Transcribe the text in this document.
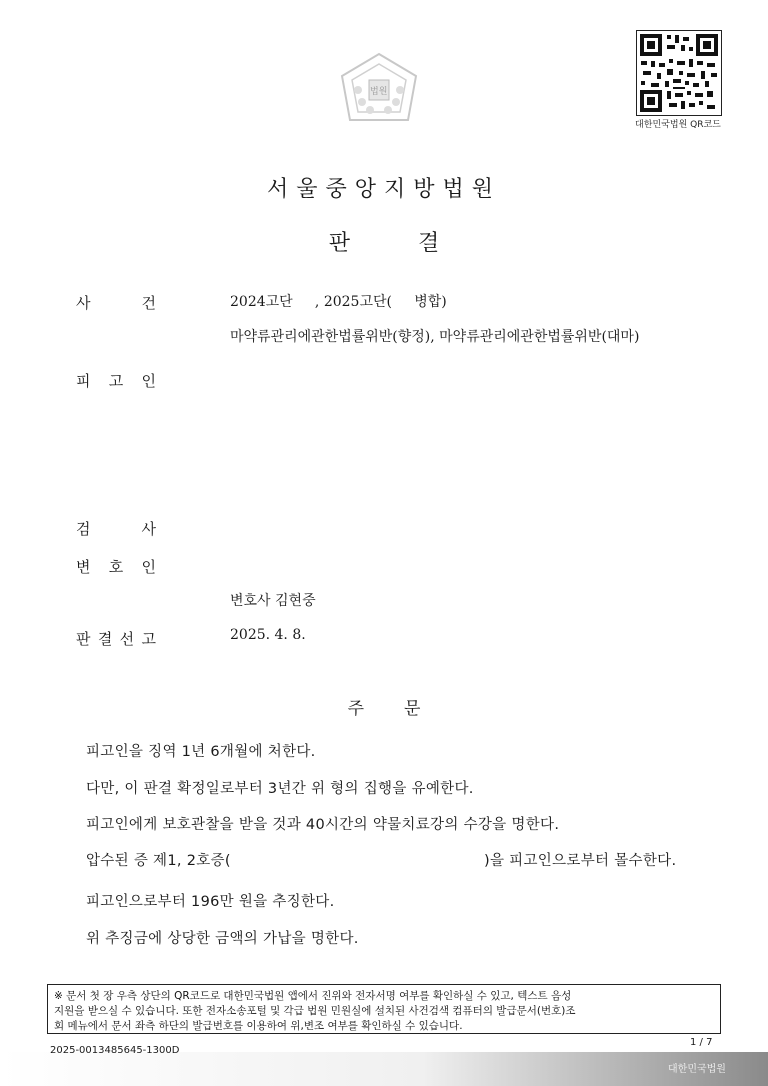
법원
대한민국법원 QR코드
서울중앙지방법원
판	결
사	건	2024고단     , 2025고단(     병합)
마약류관리에관한법률위반(향정), 마약류관리에관한법률위반(대마)
피 고 인
검	사
변 호 인
변호사 김현중
판 결 선 고	2025. 4. 8.
주 문
피고인을 징역 1년 6개월에 처한다.
다만, 이 판결 확정일로부터 3년간 위 형의 집행을 유예한다.
피고인에게 보호관찰을 받을 것과 40시간의 약물치료강의 수강을 명한다.
압수된 증 제1, 2호증(	)을 피고인으로부터 몰수한다.
피고인으로부터 196만 원을 추징한다.
위 추징금에 상당한 금액의 가납을 명한다.
※ 문서 첫 장 우측 상단의 QR코드로 대한민국법원 앱에서 진위와 전자서명 여부를 확인하실 수 있고, 텍스트 음성
지원을 받으실 수 있습니다. 또한 전자소송포털 및 각급 법원 민원실에 설치된 사건검색 컴퓨터의 발급문서(번호)조
회 메뉴에서 문서 좌측 하단의 발급번호를 이용하여 위,변조 여부를 확인하실 수 있습니다.
2025-0013485645-1300D
1 / 7
대한민국법원
